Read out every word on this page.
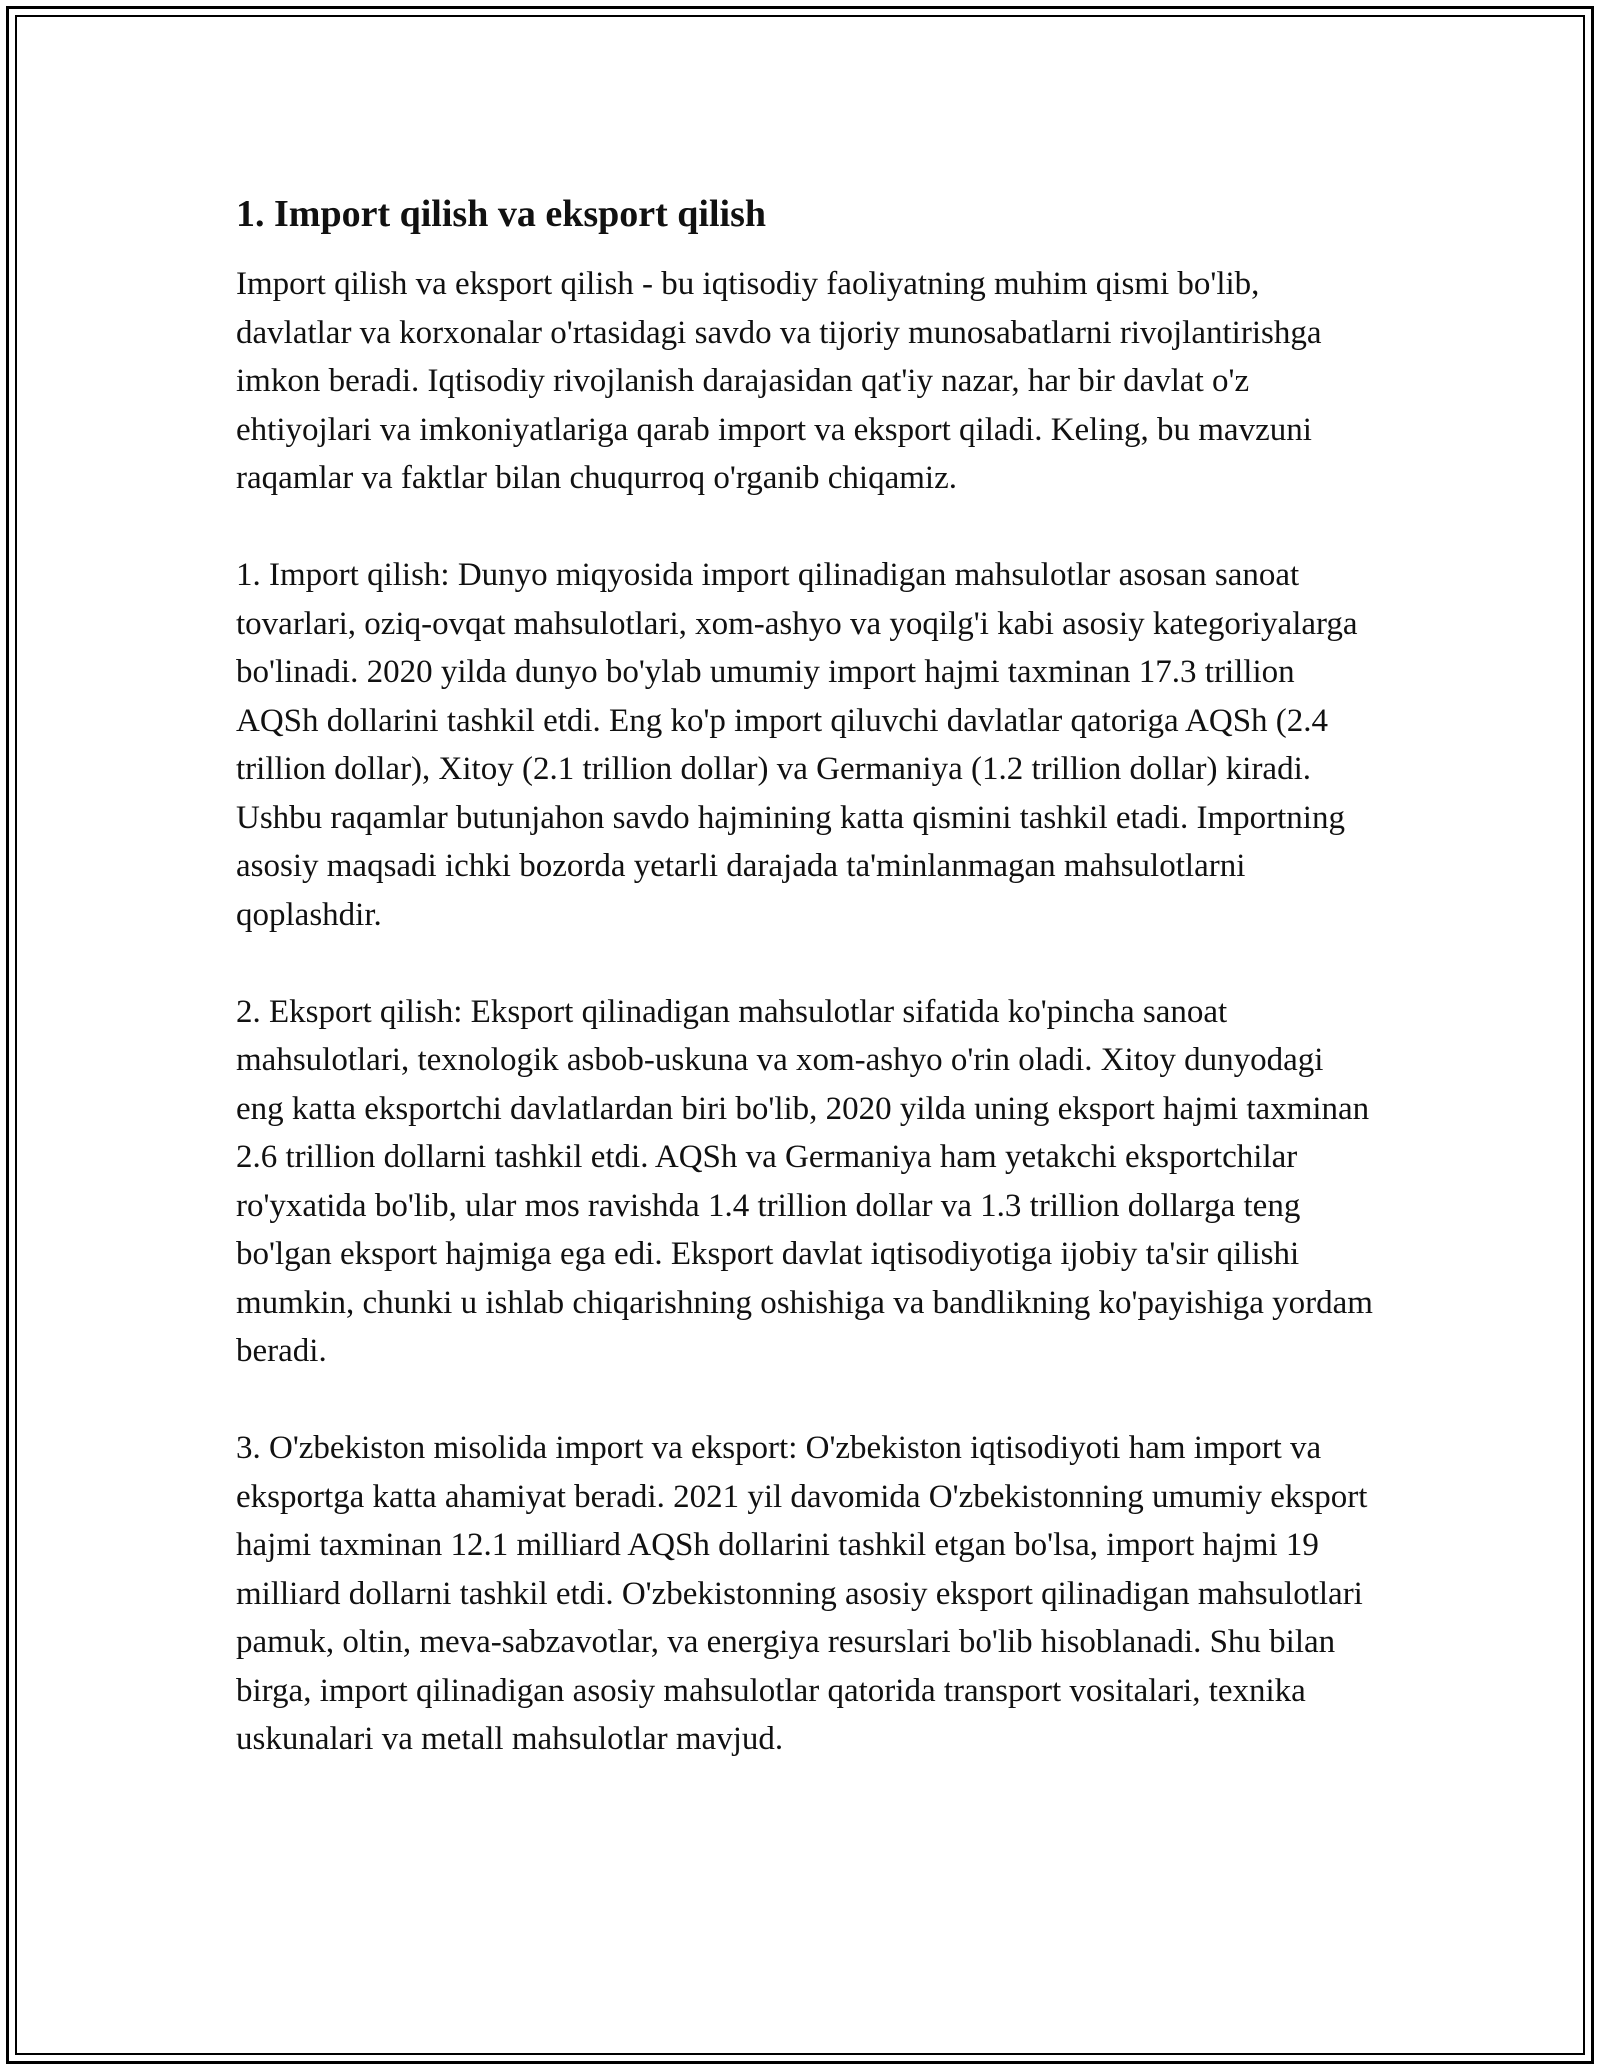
1. Import qilish va eksport qilish

Import qilish va eksport qilish - bu iqtisodiy faoliyatning muhim qismi bo'lib, davlatlar va korxonalar o'rtasidagi savdo va tijoriy munosabatlarni rivojlantirishga imkon beradi. Iqtisodiy rivojlanish darajasidan qat'iy nazar, har bir davlat o'z ehtiyojlari va imkoniyatlariga qarab import va eksport qiladi. Keling, bu mavzuni raqamlar va faktlar bilan chuqurroq o'rganib chiqamiz.

1. Import qilish: Dunyo miqyosida import qilinadigan mahsulotlar asosan sanoat tovarlari, oziq-ovqat mahsulotlari, xom-ashyo va yoqilg'i kabi asosiy kategoriyalarga bo'linadi. 2020 yilda dunyo bo'ylab umumiy import hajmi taxminan 17.3 trillion AQSh dollarini tashkil etdi. Eng ko'p import qiluvchi davlatlar qatoriga AQSh (2.4 trillion dollar), Xitoy (2.1 trillion dollar) va Germaniya (1.2 trillion dollar) kiradi. Ushbu raqamlar butunjahon savdo hajmining katta qismini tashkil etadi. Importning asosiy maqsadi ichki bozorda yetarli darajada ta'minlanmagan mahsulotlarni qoplashdir.

2. Eksport qilish: Eksport qilinadigan mahsulotlar sifatida ko'pincha sanoat mahsulotlari, texnologik asbob-uskuna va xom-ashyo o'rin oladi. Xitoy dunyodagi eng katta eksportchi davlatlardan biri bo'lib, 2020 yilda uning eksport hajmi taxminan 2.6 trillion dollarni tashkil etdi. AQSh va Germaniya ham yetakchi eksportchilar ro'yxatida bo'lib, ular mos ravishda 1.4 trillion dollar va 1.3 trillion dollarga teng bo'lgan eksport hajmiga ega edi. Eksport davlat iqtisodiyotiga ijobiy ta'sir qilishi mumkin, chunki u ishlab chiqarishning oshishiga va bandlikning ko'payishiga yordam beradi.

3. O'zbekiston misolida import va eksport: O'zbekiston iqtisodiyoti ham import va eksportga katta ahamiyat beradi. 2021 yil davomida O'zbekistonning umumiy eksport hajmi taxminan 12.1 milliard AQSh dollarini tashkil etgan bo'lsa, import hajmi 19 milliard dollarni tashkil etdi. O'zbekistonning asosiy eksport qilinadigan mahsulotlari pamuk, oltin, meva-sabzavotlar, va energiya resurslari bo'lib hisoblanadi. Shu bilan birga, import qilinadigan asosiy mahsulotlar qatorida transport vositalari, texnika uskunalari va metall mahsulotlar mavjud.
